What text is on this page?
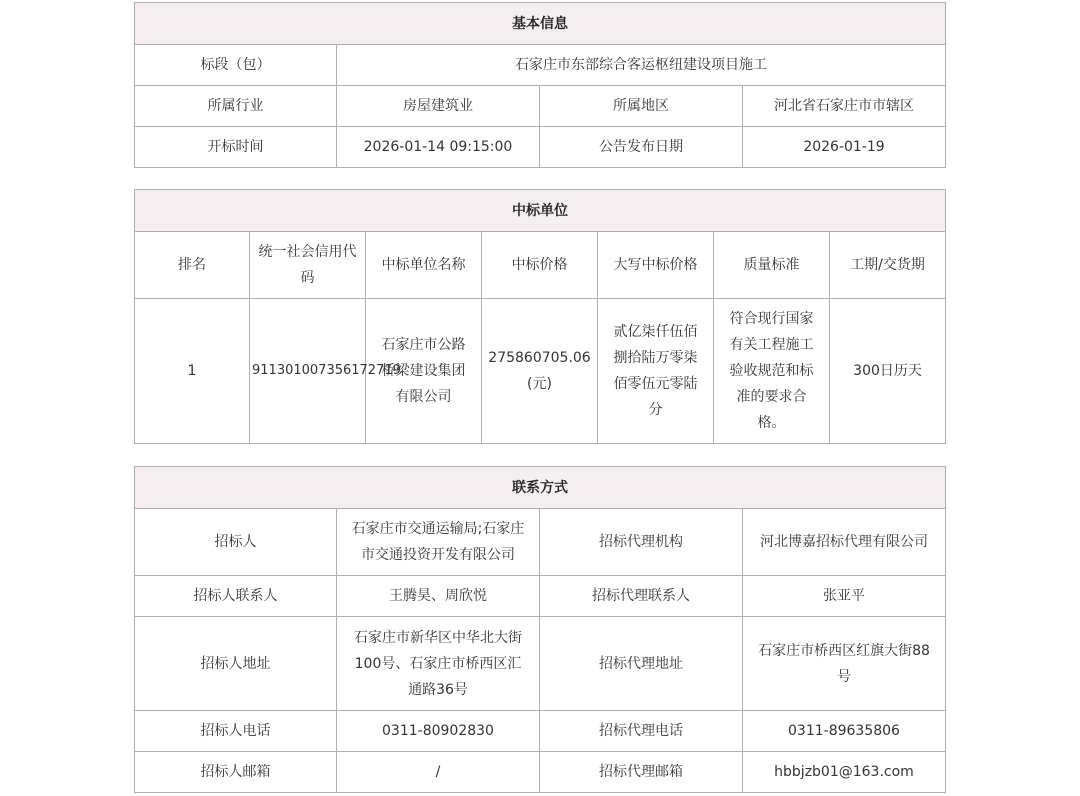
基本信息			
标段（包）	石家庄市东部综合客运枢纽建设项目施工		
所属行业	房屋建筑业	所属地区	河北省石家庄市市辖区
开标时间	2026-01-14 09:15:00	公告发布日期	2026-01-19
中标单位						
排名	统一社会信用代码	中标单位名称	中标价格	大写中标价格	质量标准	工期/交货期
1	911301007356172719	石家庄市公路桥梁建设集团有限公司	275860705.06(元)	贰亿柒仟伍佰捌拾陆万零柒佰零伍元零陆分	符合现行国家有关工程施工验收规范和标准的要求合格。	300日历天
联系方式			
招标人	石家庄市交通运输局;石家庄市交通投资开发有限公司	招标代理机构	河北博嘉招标代理有限公司
招标人联系人	王腾昊、周欣悦	招标代理联系人	张亚平
招标人地址	石家庄市新华区中华北大街100号、石家庄市桥西区汇通路36号	招标代理地址	石家庄市桥西区红旗大街88号
招标人电话	0311-80902830	招标代理电话	0311-89635806
招标人邮箱	/	招标代理邮箱	hbbjzb01@163.com
